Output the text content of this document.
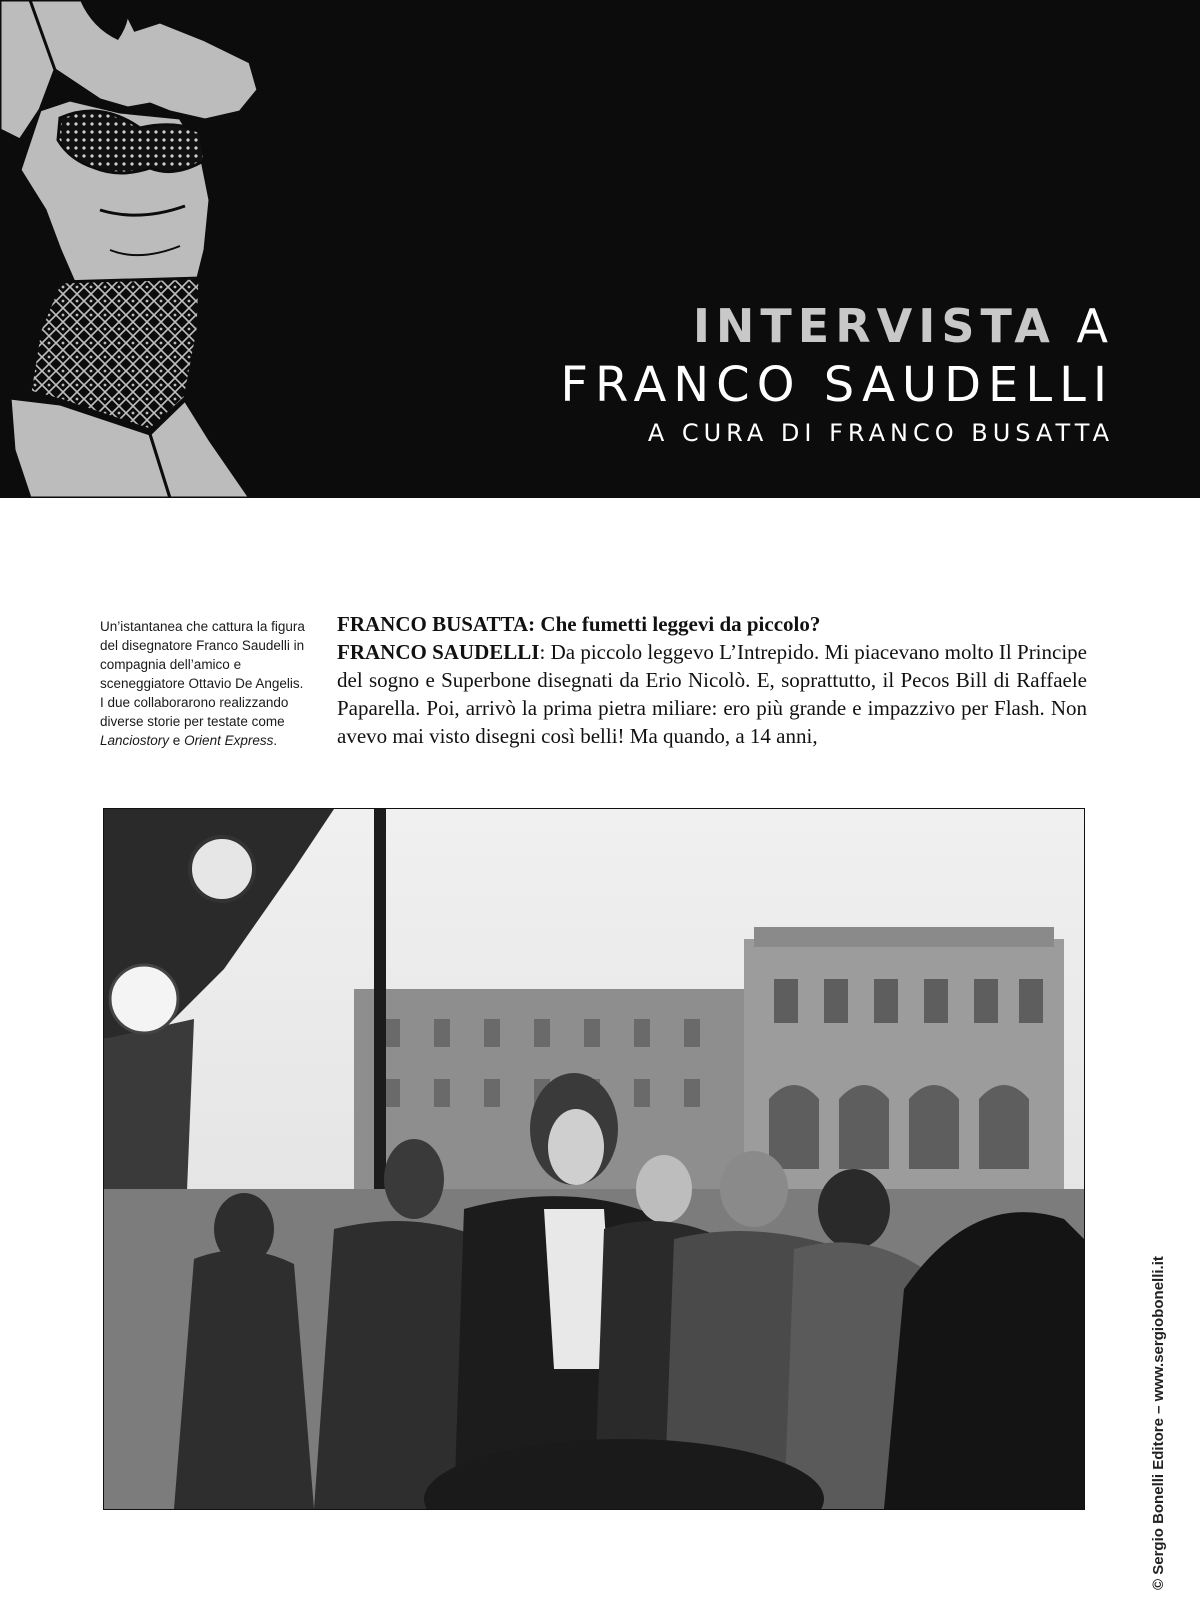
INTERVISTA A
FRANCO SAUDELLI
A CURA DI FRANCO BUSATTA

Un’istantanea che cattura la figura del disegnatore Franco Saudelli in compagnia dell’amico e sceneggiatore Ottavio De Angelis. I due collaborarono realizzando diverse storie per testate come Lanciostory e Orient Express.

FRANCO BUSATTA: Che fumetti leggevi da piccolo?

FRANCO SAUDELLI: Da piccolo leggevo L’Intrepido. Mi piacevano molto Il Principe del sogno e Superbone disegnati da Erio Nicolò. E, soprattutto, il Pecos Bill di Raffaele Paparella. Poi, arrivò la prima pietra miliare: ero più grande e impazzivo per Flash. Non avevo mai visto disegni così belli! Ma quando, a 14 anni,

© Sergio Bonelli Editore – www.sergiobonelli.it
